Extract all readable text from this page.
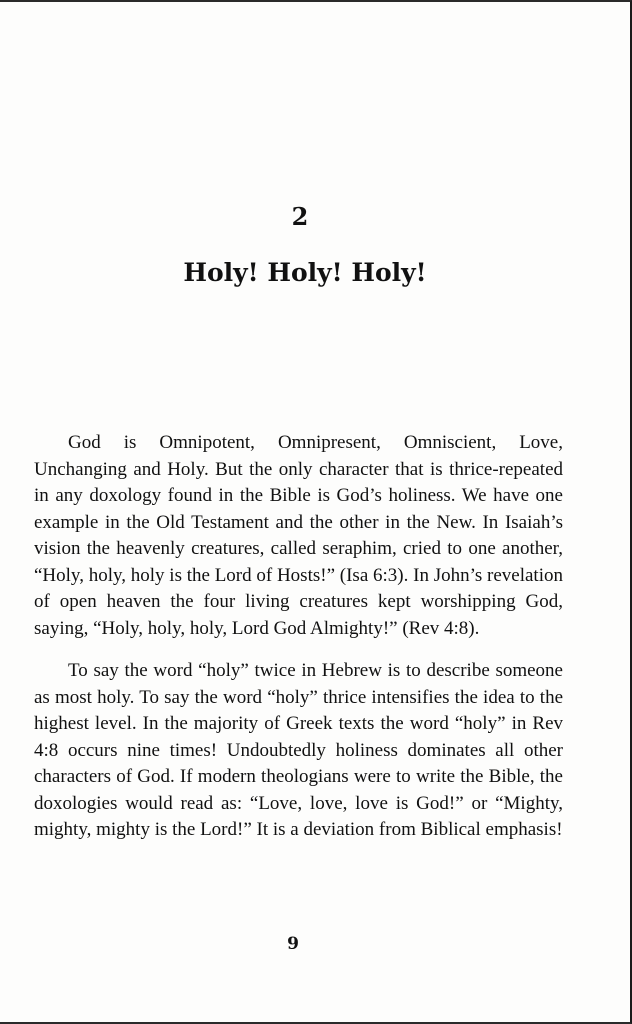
2
Holy! Holy! Holy!

God is Omnipotent, Omnipresent, Omniscient, Love, Unchanging and Holy. But the only character that is thrice-repeated in any doxology found in the Bible is God’s holiness. We have one example in the Old Testament and the other in the New. In Isaiah’s vision the heavenly creatures, called seraphim, cried to one another, “Holy, holy, holy is the Lord of Hosts!” (Isa 6:3). In John’s revelation of open heaven the four living creatures kept worshipping God, saying, “Holy, holy, holy, Lord God Almighty!” (Rev 4:8).

To say the word “holy” twice in Hebrew is to describe someone as most holy. To say the word “holy” thrice intensifies the idea to the highest level. In the majority of Greek texts the word “holy” in Rev 4:8 occurs nine times! Undoubtedly holiness dominates all other characters of God. If modern theologians were to write the Bible, the doxologies would read as: “Love, love, love is God!” or “Mighty, mighty, mighty is the Lord!” It is a deviation from Biblical emphasis!

9
